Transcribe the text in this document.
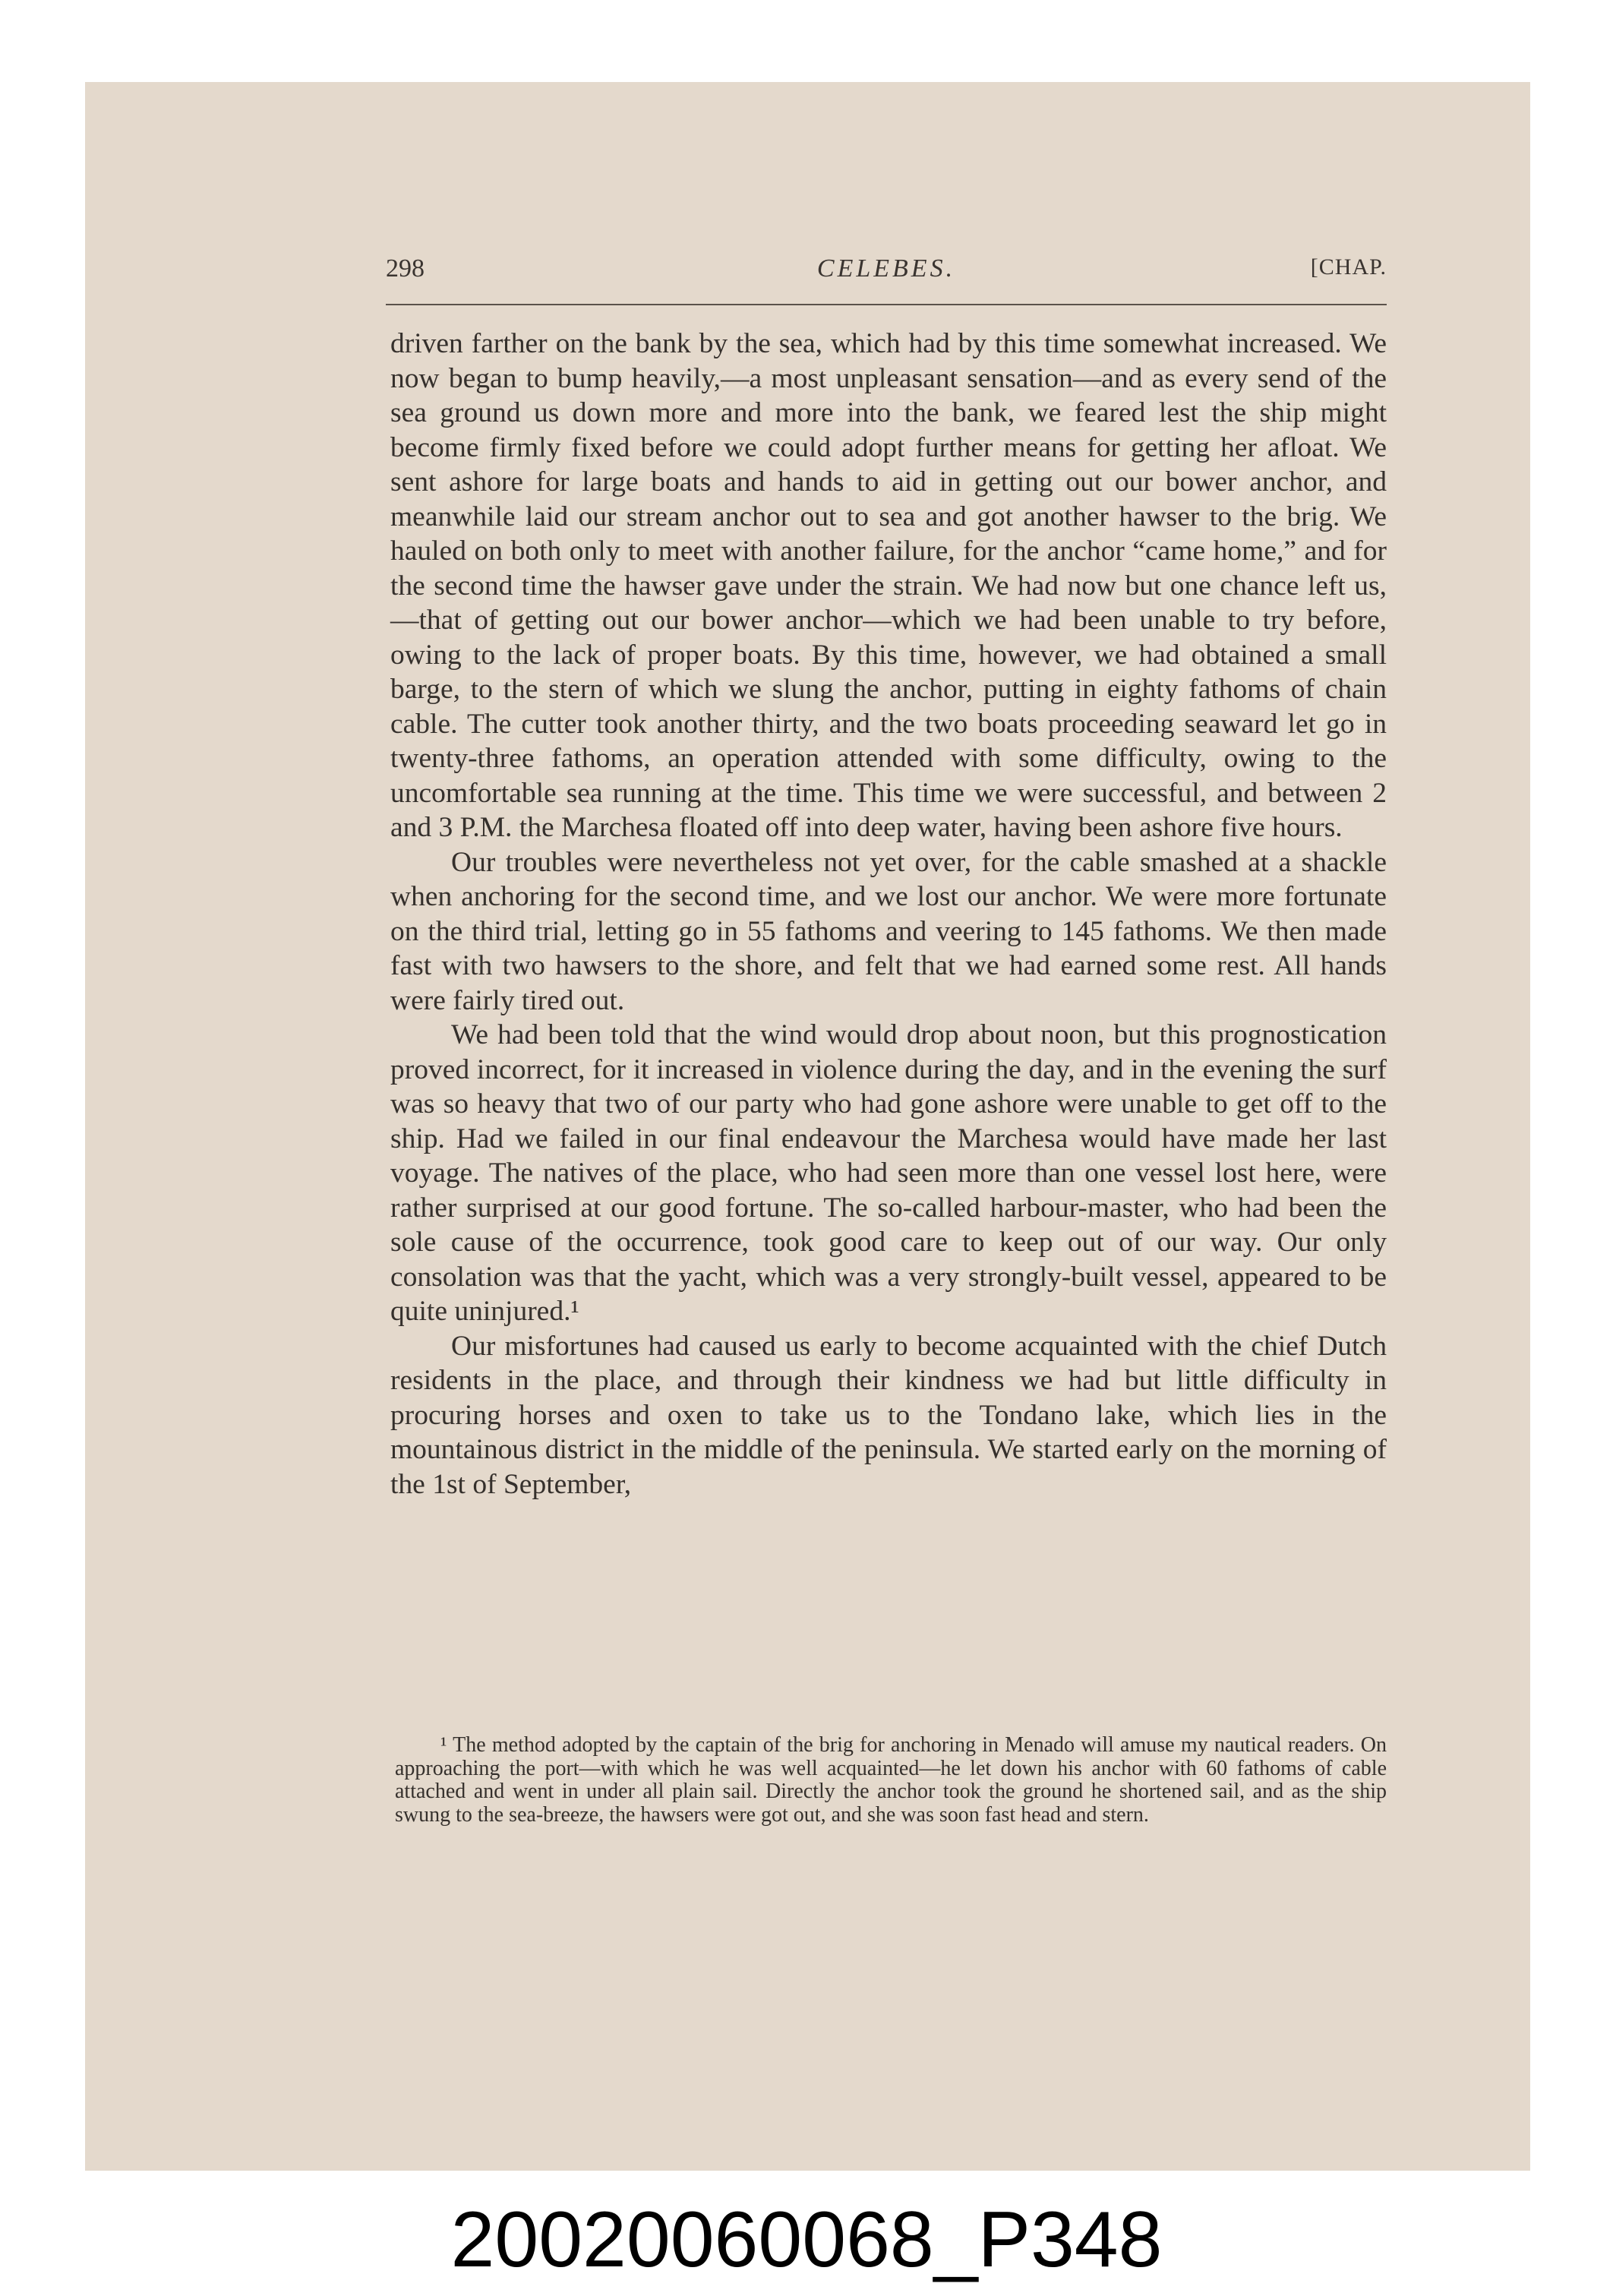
298	CELEBES.	[CHAP.

driven farther on the bank by the sea, which had by this time somewhat increased. We now began to bump heavily,—a most unpleasant sensation—and as every send of the sea ground us down more and more into the bank, we feared lest the ship might become firmly fixed before we could adopt further means for getting her afloat. We sent ashore for large boats and hands to aid in getting out our bower anchor, and meanwhile laid our stream anchor out to sea and got another hawser to the brig. We hauled on both only to meet with another failure, for the anchor “came home,” and for the second time the hawser gave under the strain. We had now but one chance left us,—that of getting out our bower anchor—which we had been unable to try before, owing to the lack of proper boats. By this time, however, we had obtained a small barge, to the stern of which we slung the anchor, putting in eighty fathoms of chain cable. The cutter took another thirty, and the two boats proceeding seaward let go in twenty-three fathoms, an operation attended with some difficulty, owing to the uncomfortable sea running at the time. This time we were successful, and between 2 and 3 P.M. the Marchesa floated off into deep water, having been ashore five hours.

Our troubles were nevertheless not yet over, for the cable smashed at a shackle when anchoring for the second time, and we lost our anchor. We were more fortunate on the third trial, letting go in 55 fathoms and veering to 145 fathoms. We then made fast with two hawsers to the shore, and felt that we had earned some rest. All hands were fairly tired out.

We had been told that the wind would drop about noon, but this prognostication proved incorrect, for it increased in violence during the day, and in the evening the surf was so heavy that two of our party who had gone ashore were unable to get off to the ship. Had we failed in our final endeavour the Marchesa would have made her last voyage. The natives of the place, who had seen more than one vessel lost here, were rather surprised at our good fortune. The so-called harbour-master, who had been the sole cause of the occurrence, took good care to keep out of our way. Our only consolation was that the yacht, which was a very strongly-built vessel, appeared to be quite uninjured.¹

Our misfortunes had caused us early to become acquainted with the chief Dutch residents in the place, and through their kindness we had but little difficulty in procuring horses and oxen to take us to the Tondano lake, which lies in the mountainous district in the middle of the peninsula. We started early on the morning of the 1st of September,

¹ The method adopted by the captain of the brig for anchoring in Menado will amuse my nautical readers. On approaching the port—with which he was well acquainted—he let down his anchor with 60 fathoms of cable attached and went in under all plain sail. Directly the anchor took the ground he shortened sail, and as the ship swung to the sea-breeze, the hawsers were got out, and she was soon fast head and stern.

20020060068_P348
